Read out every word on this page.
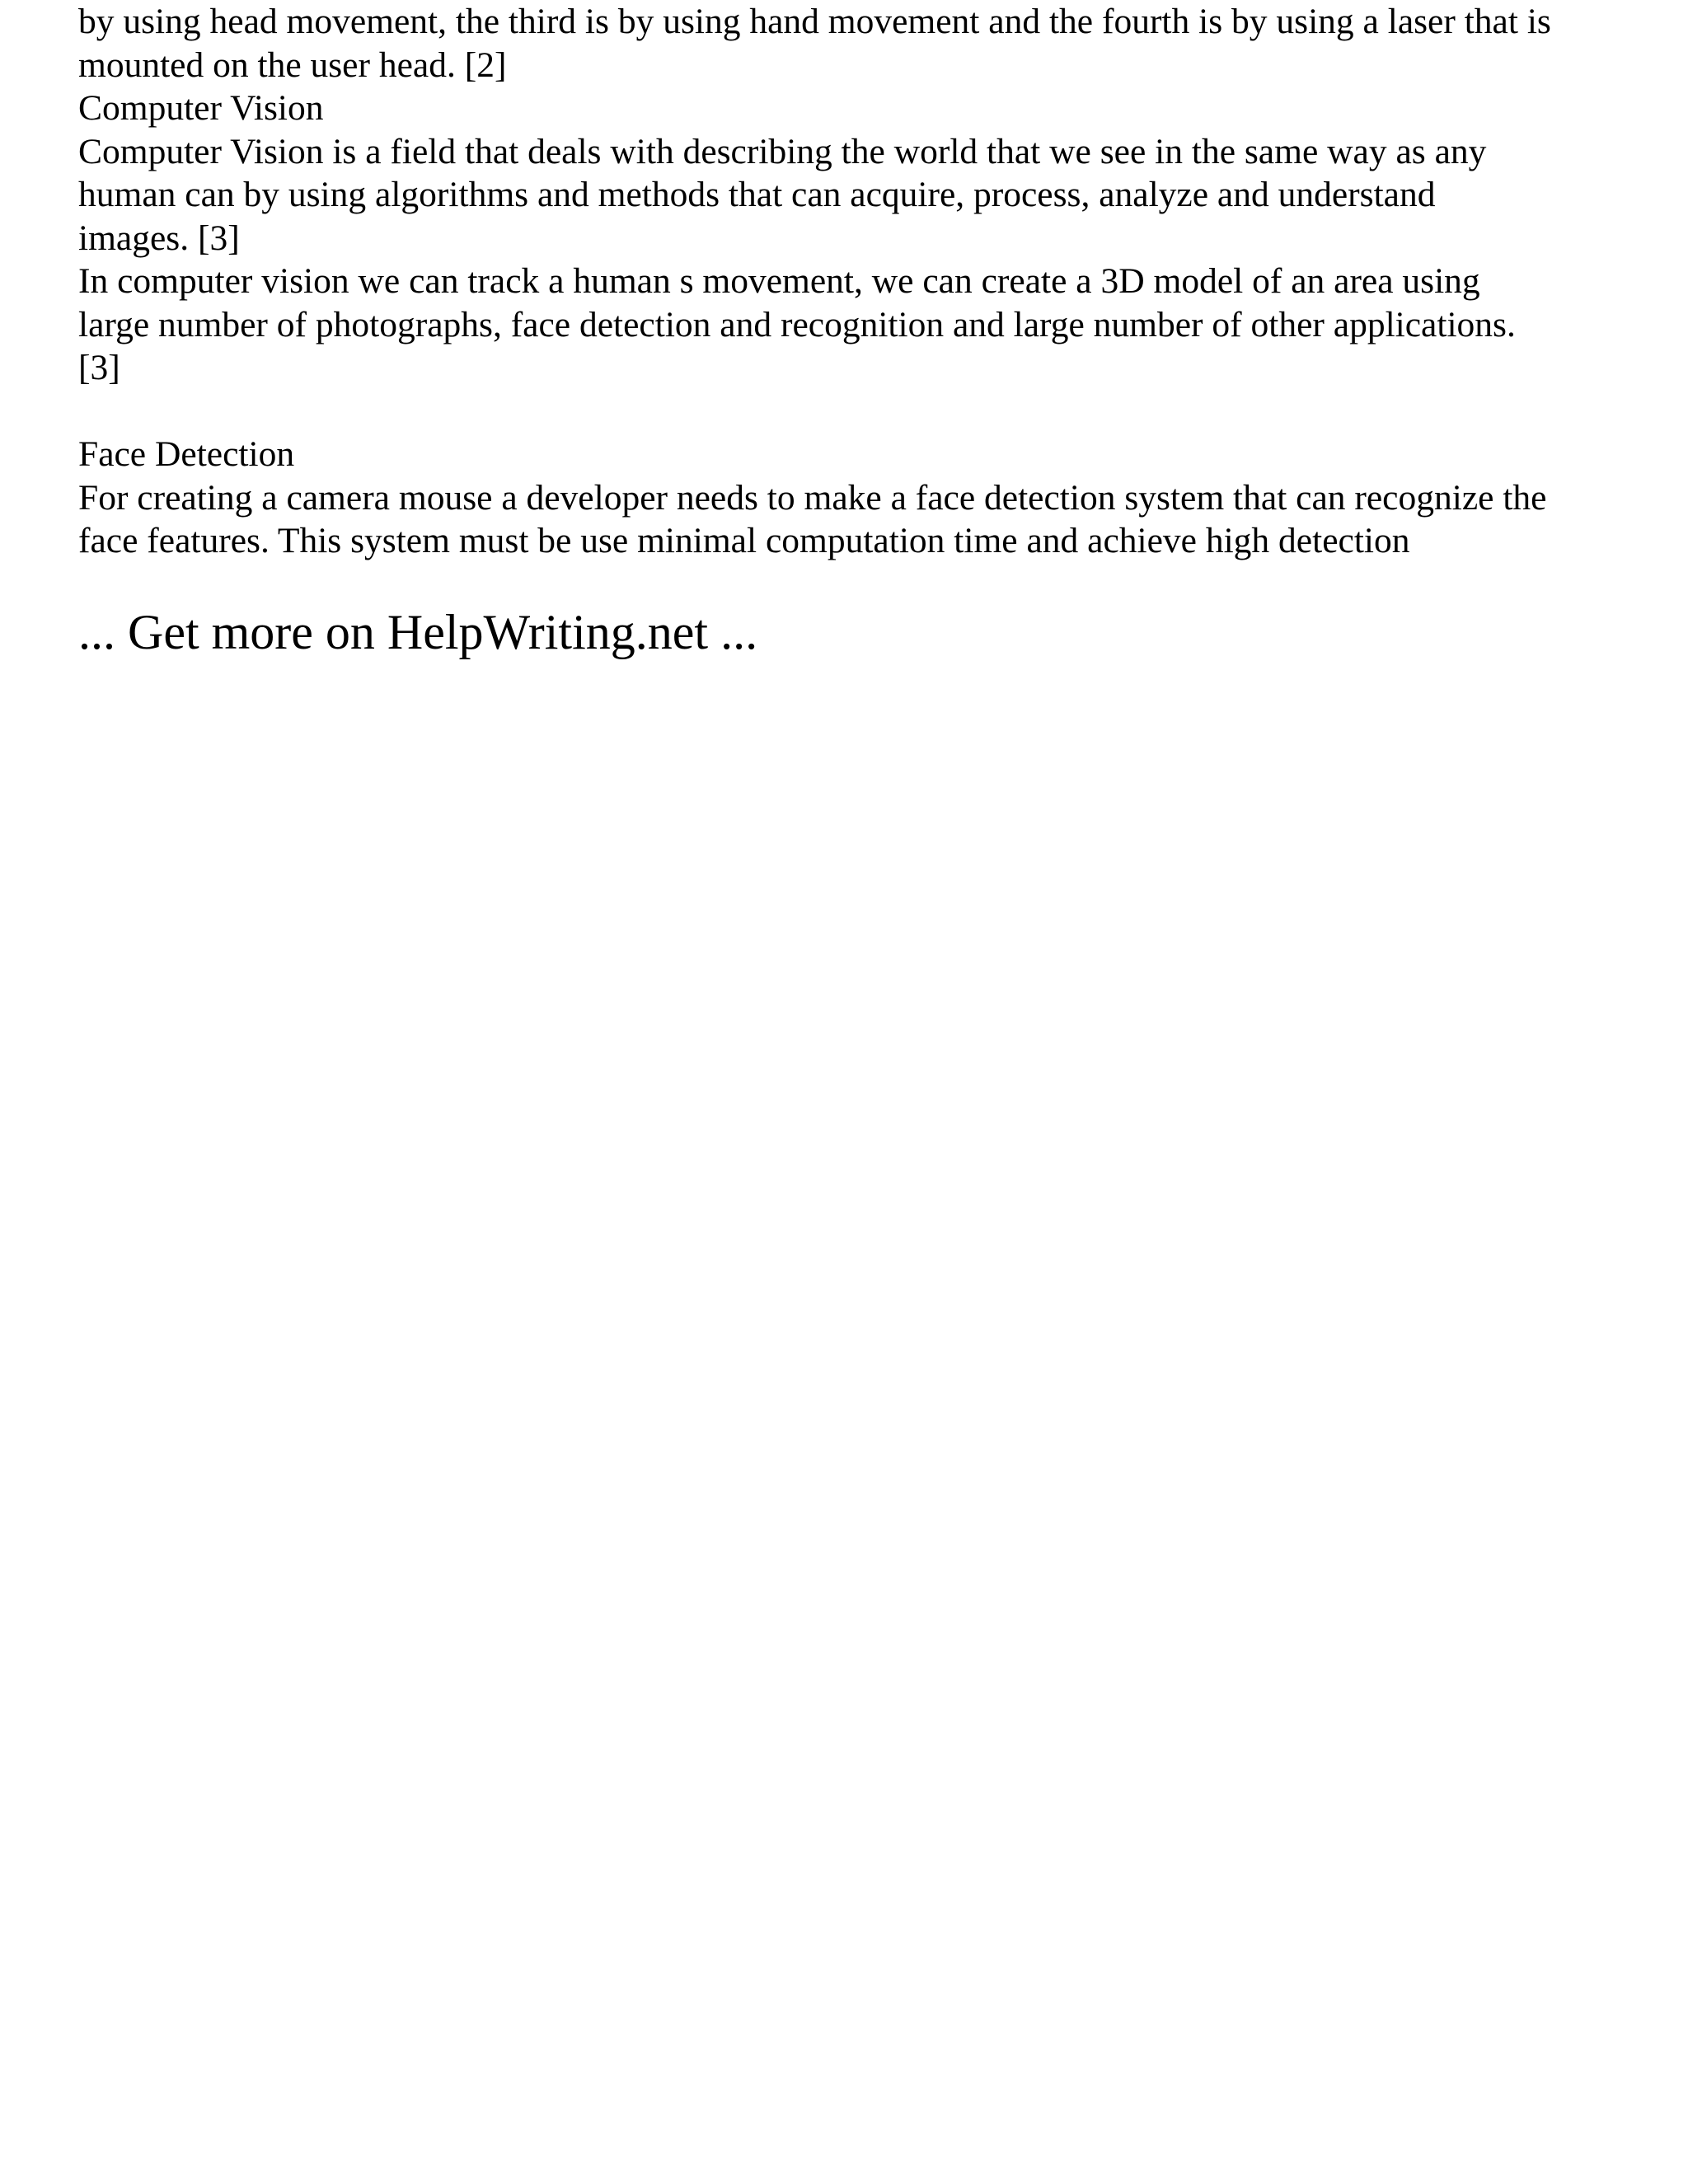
by using head movement, the third is by using hand movement and the fourth is by using a laser that is
mounted on the user head. [2]
Computer Vision
Computer Vision is a field that deals with describing the world that we see in the same way as any
human can by using algorithms and methods that can acquire, process, analyze and understand
images. [3]
In computer vision we can track a human s movement, we can create a 3D model of an area using
large number of photographs, face detection and recognition and large number of other applications.
[3]
Face Detection
For creating a camera mouse a developer needs to make a face detection system that can recognize the
face features. This system must be use minimal computation time and achieve high detection
... Get more on HelpWriting.net ...
